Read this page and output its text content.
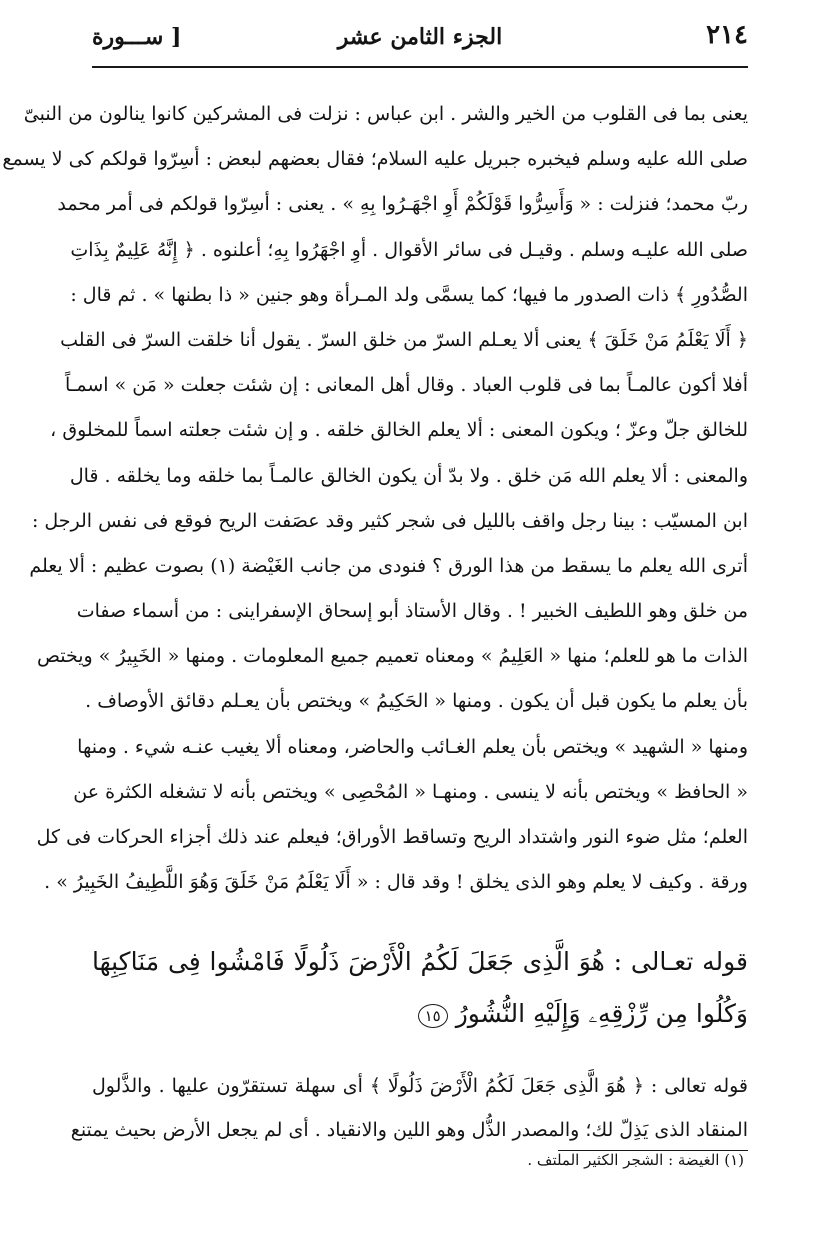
٢١٤
الجزء الثامن عشر
[ ســـورة

يعنى بما فى القلوب من الخير والشر . ابن عباس : نزلت فى المشركين كانوا ينالون من النبىّ

صلى الله عليه وسلم فيخبره جبريل عليه السلام؛ فقال بعضهم لبعض : أسِرّوا قولكم كى لا يسمع

ربّ محمد؛ فنزلت : « وَأَسِرُّوا قَوْلَكُمْ أَوِ اجْهَـرُوا بِهِ » . يعنى : أسِرّوا قولكم فى أمر محمد

صلى الله عليـه وسلم . وقيـل فى سائر الأقوال . أوِ اجْهَرُوا بِهِ؛ أعلنوه . ﴿ إِنَّهُ عَلِيمٌ بِذَاتِ

الصُّدُورِ ﴾ ذات الصدور ما فيها؛ كما يسمَّى ولد المـرأة وهو جنين « ذا بطنها » . ثم قال :

﴿ أَلَا يَعْلَمُ مَنْ خَلَقَ ﴾ يعنى ألا يعـلم السرّ من خلق السرّ . يقول أنا خلقت السرّ فى القلب

أفلا أكون عالمـاً بما فى قلوب العباد . وقال أهل المعانى : إن شئت جعلت « مَن » اسمـاً

للخالق جلّ وعزّ ؛ ويكون المعنى : ألا يعلم الخالق خلقه . و إن شئت جعلته اسماً للمخلوق ،

والمعنى : ألا يعلم الله مَن خلق . ولا بدّ أن يكون الخالق عالمـاً بما خلقه وما يخلقه . قال

ابن المسيّب : بينا رجل واقف بالليل فى شجر كثير وقد عصَفت الريح فوقع فى نفس الرجل :

أترى الله يعلم ما يسقط من هذا الورق ؟ فنودى من جانب الغَيْضة (١) بصوت عظيم : ألا يعلم

من خلق وهو اللطيف الخبير ! . وقال الأستاذ أبو إسحاق الإسفراينى : من أسماء صفات

الذات ما هو للعلم؛ منها « العَلِيمُ » ومعناه تعميم جميع المعلومات . ومنها « الخَبِيرُ » ويختص

بأن يعلم ما يكون قبل أن يكون . ومنها « الحَكِيمُ » ويختص بأن يعـلم دقائق الأوصاف .

ومنها « الشهيد » ويختص بأن يعلم الغـائب والحاضر، ومعناه ألا يغيب عنـه شيء . ومنها

« الحافظ » ويختص بأنه لا ينسى . ومنهـا « المُحْصِى » ويختص بأنه لا تشغله الكثرة عن

العلم؛ مثل ضوء النور واشتداد الريح وتساقط الأوراق؛ فيعلم عند ذلك أجزاء الحركات فى كل

ورقة . وكيف لا يعلم وهو الذى يخلق ! وقد قال : « أَلَا يَعْلَمُ مَنْ خَلَقَ وَهُوَ اللَّطِيفُ الخَبِيرُ » .

قوله تعـالى : هُوَ الَّذِى جَعَلَ لَكُمُ الْأَرْضَ ذَلُولًا فَامْشُوا فِى مَنَاكِبِهَا

وَكُلُوا مِن رِّزْقِهِۦ وَإِلَيْهِ النُّشُورُ١٥

قوله تعالى : ﴿ هُوَ الَّذِى جَعَلَ لَكُمُ الْأَرْضَ ذَلُولًا ﴾ أى سهلة تستقرّون عليها . والذَّلول

المنقاد الذى يَذِلّ لك؛ والمصدر الذُّل وهو اللين والانقياد . أى لم يجعل الأرض بحيث يمتنع

(١) الغيضة : الشجر الكثير الملتف .
